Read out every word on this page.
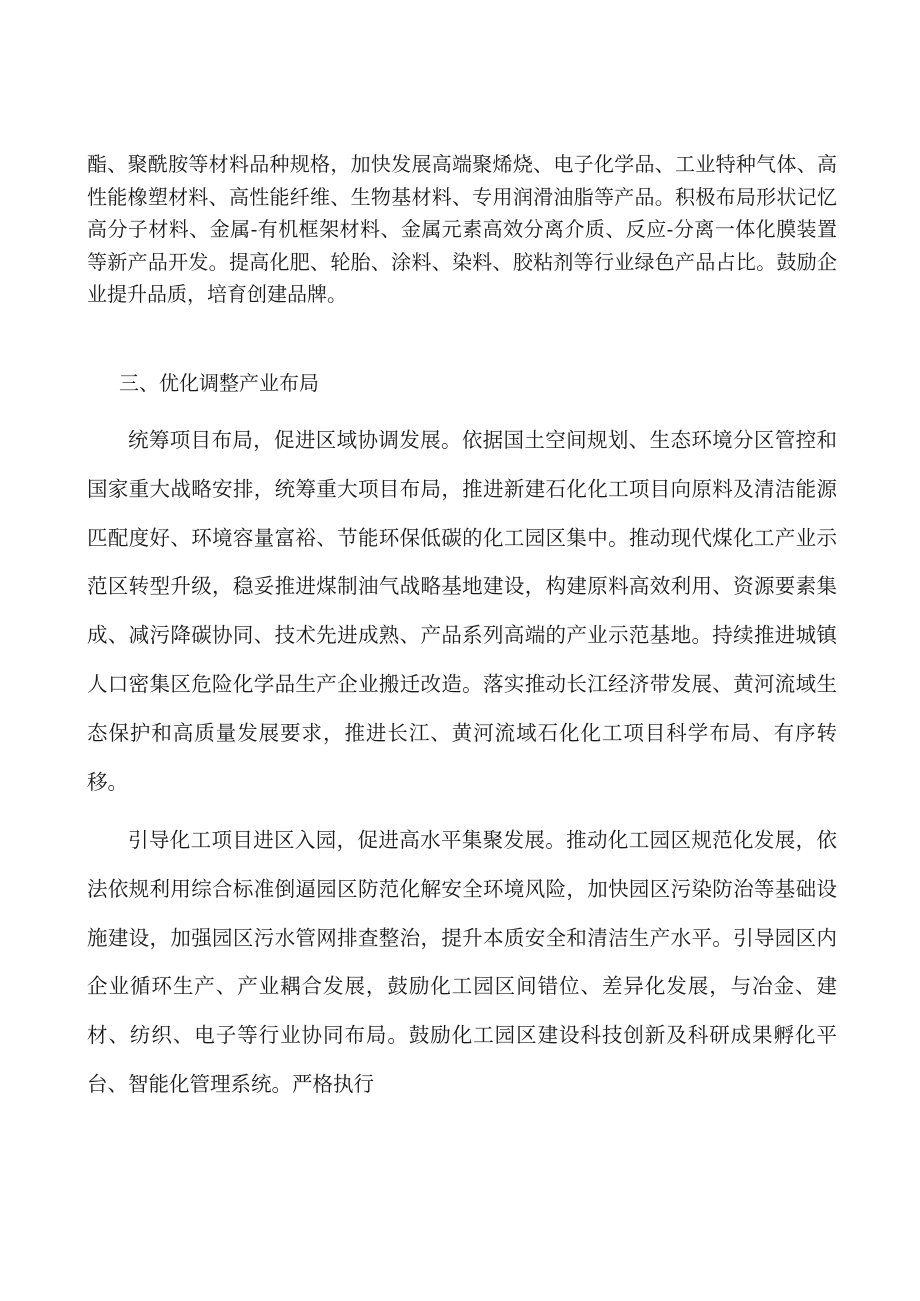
酯、聚酰胺等材料品种规格，加快发展高端聚烯烧、电子化学品、工业特种气体、高性能橡塑材料、高性能纤维、生物基材料、专用润滑油脂等产品。积极布局形状记忆高分子材料、金属-有机框架材料、金属元素高效分离介质、反应-分离一体化膜装置等新产品开发。提高化肥、轮胎、涂料、染料、胶粘剂等行业绿色产品占比。鼓励企业提升品质，培育创建品牌。

三、优化调整产业布局

统筹项目布局，促进区域协调发展。依据国土空间规划、生态环境分区管控和国家重大战略安排，统筹重大项目布局，推进新建石化化工项目向原料及清洁能源匹配度好、环境容量富裕、节能环保低碳的化工园区集中。推动现代煤化工产业示范区转型升级，稳妥推进煤制油气战略基地建设，构建原料高效利用、资源要素集成、减污降碳协同、技术先进成熟、产品系列高端的产业示范基地。持续推进城镇人口密集区危险化学品生产企业搬迁改造。落实推动长江经济带发展、黄河流域生态保护和高质量发展要求，推进长江、黄河流域石化化工项目科学布局、有序转移。

引导化工项目进区入园，促进高水平集聚发展。推动化工园区规范化发展，依法依规利用综合标准倒逼园区防范化解安全环境风险，加快园区污染防治等基础设施建设，加强园区污水管网排查整治，提升本质安全和清洁生产水平。引导园区内企业循环生产、产业耦合发展，鼓励化工园区间错位、差异化发展，与冶金、建材、纺织、电子等行业协同布局。鼓励化工园区建设科技创新及科研成果孵化平台、智能化管理系统。严格执行
